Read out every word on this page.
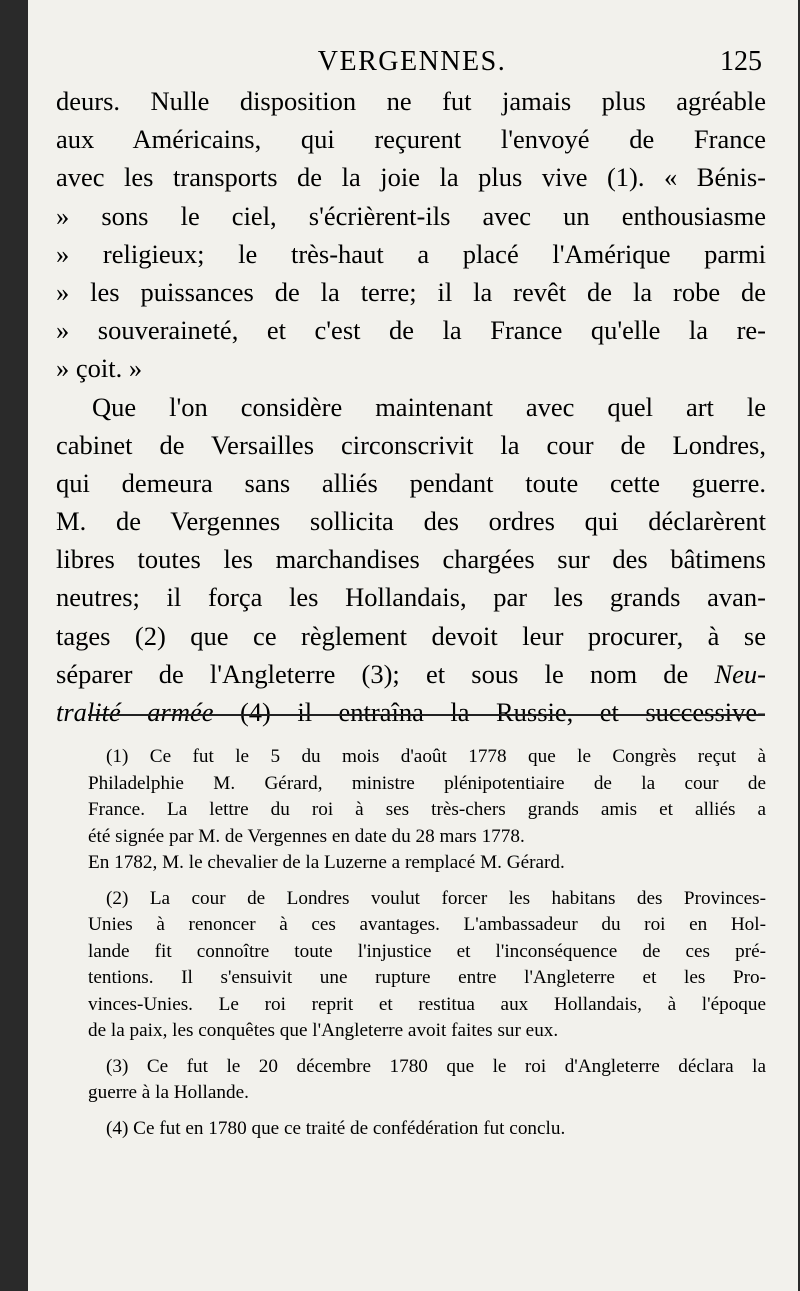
VERGENNES.	125
deurs. Nulle disposition ne fut jamais plus agréable
aux Américains, qui reçurent l'envoyé de France
avec les transports de la joie la plus vive (1). « Bénis-
» sons le ciel, s'écrièrent-ils avec un enthousiasme
» religieux; le très-haut a placé l'Amérique parmi
» les puissances de la terre; il la revêt de la robe de
» souveraineté, et c'est de la France qu'elle la re-
» çoit. »
Que l'on considère maintenant avec quel art le
cabinet de Versailles circonscrivit la cour de Londres,
qui demeura sans alliés pendant toute cette guerre.
M. de Vergennes sollicita des ordres qui déclarèrent
libres toutes les marchandises chargées sur des bâtimens
neutres; il força les Hollandais, par les grands avan-
tages (2) que ce règlement devoit leur procurer, à se
séparer de l'Angleterre (3); et sous le nom de Neu-
tralité armée (4) il entraîna la Russie, et successive-
(1) Ce fut le 5 du mois d'août 1778 que le Congrès reçut à
Philadelphie M. Gérard, ministre plénipotentiaire de la cour de
France. La lettre du roi à ses très-chers grands amis et alliés a
été signée par M. de Vergennes en date du 28 mars 1778.
En 1782, M. le chevalier de la Luzerne a remplacé M. Gérard.
(2) La cour de Londres voulut forcer les habitans des Provinces-
Unies à renoncer à ces avantages. L'ambassadeur du roi en Hol-
lande fit connoître toute l'injustice et l'inconséquence de ces pré-
tentions. Il s'ensuivit une rupture entre l'Angleterre et les Pro-
vinces-Unies. Le roi reprit et restitua aux Hollandais, à l'époque
de la paix, les conquêtes que l'Angleterre avoit faites sur eux.
(3) Ce fut le 20 décembre 1780 que le roi d'Angleterre déclara la
guerre à la Hollande.
(4) Ce fut en 1780 que ce traité de confédération fut conclu.
